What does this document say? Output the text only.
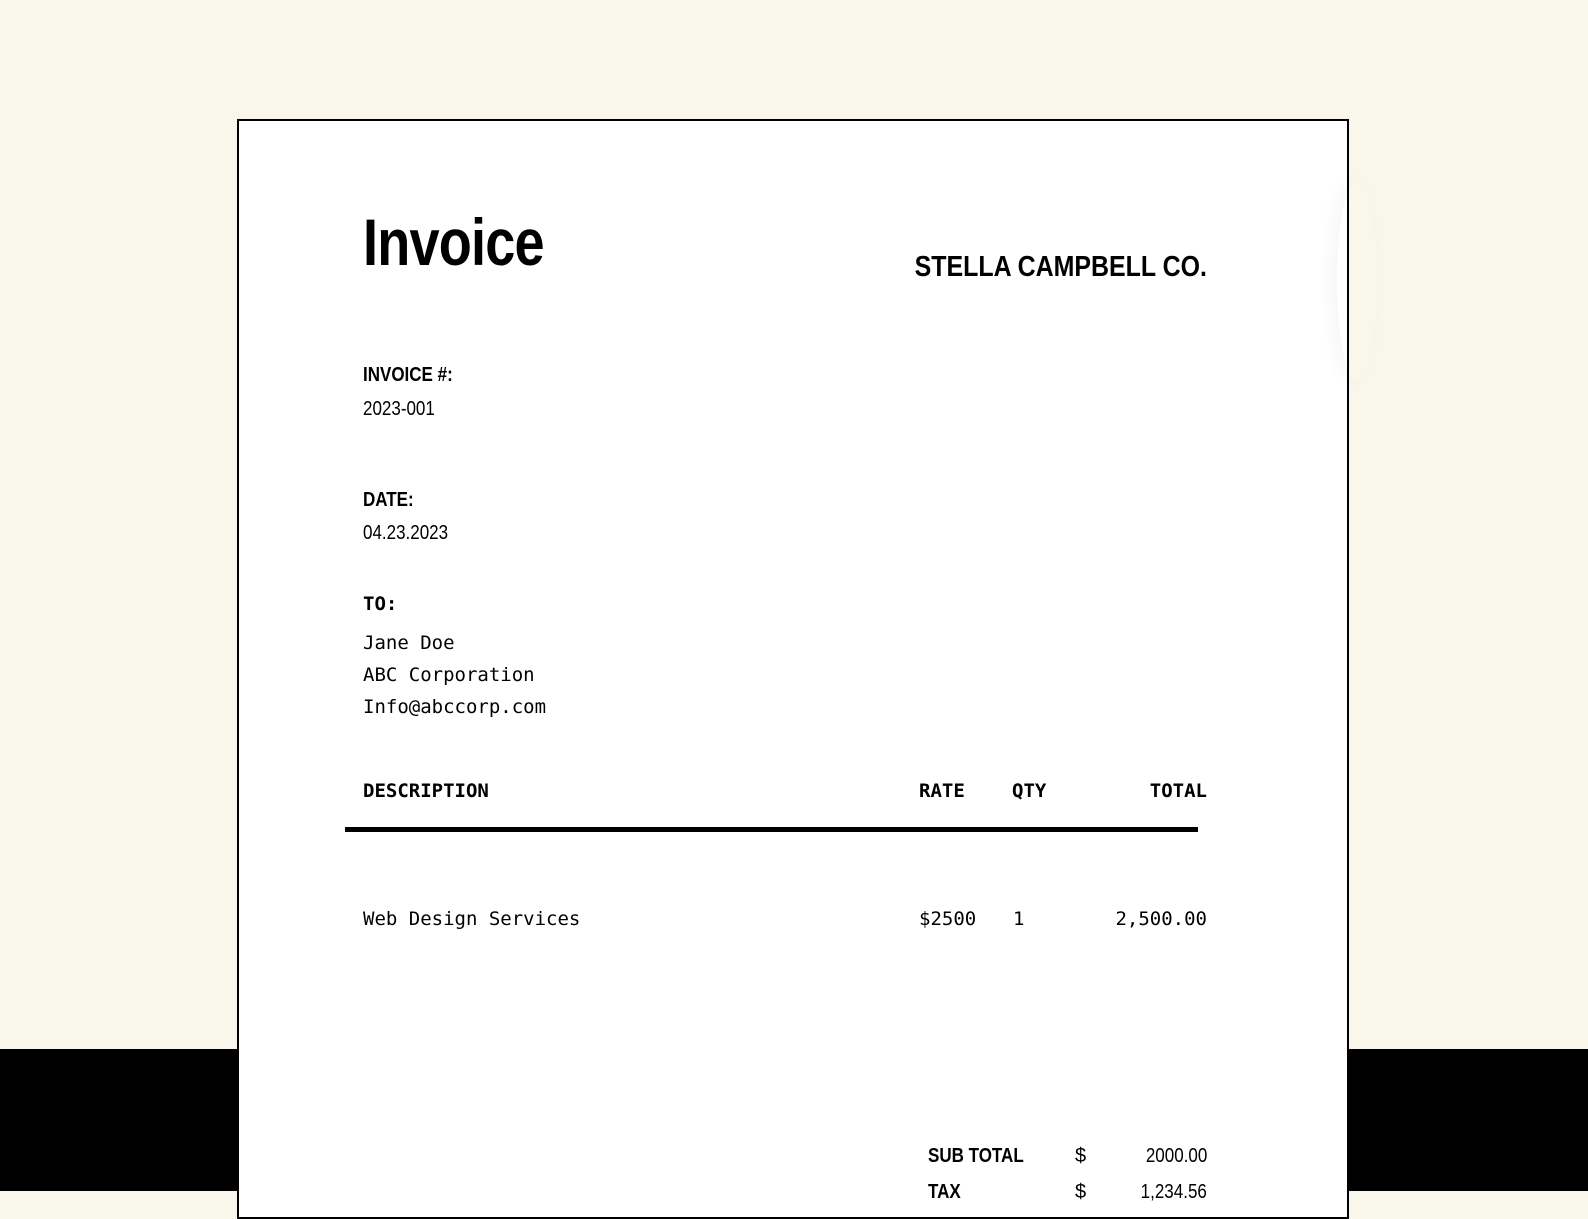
Invoice	STELLA CAMPBELL CO.
INVOICE #:
2023-001
DATE:
04.23.2023
TO:
Jane Doe
ABC Corporation
Info@abccorp.com
DESCRIPTION	RATE QTY	TOTAL
Web Design Services	$2500 1	2,500.00
SUB TOTAL	$	2000.00
TAX	$	1,234.56
